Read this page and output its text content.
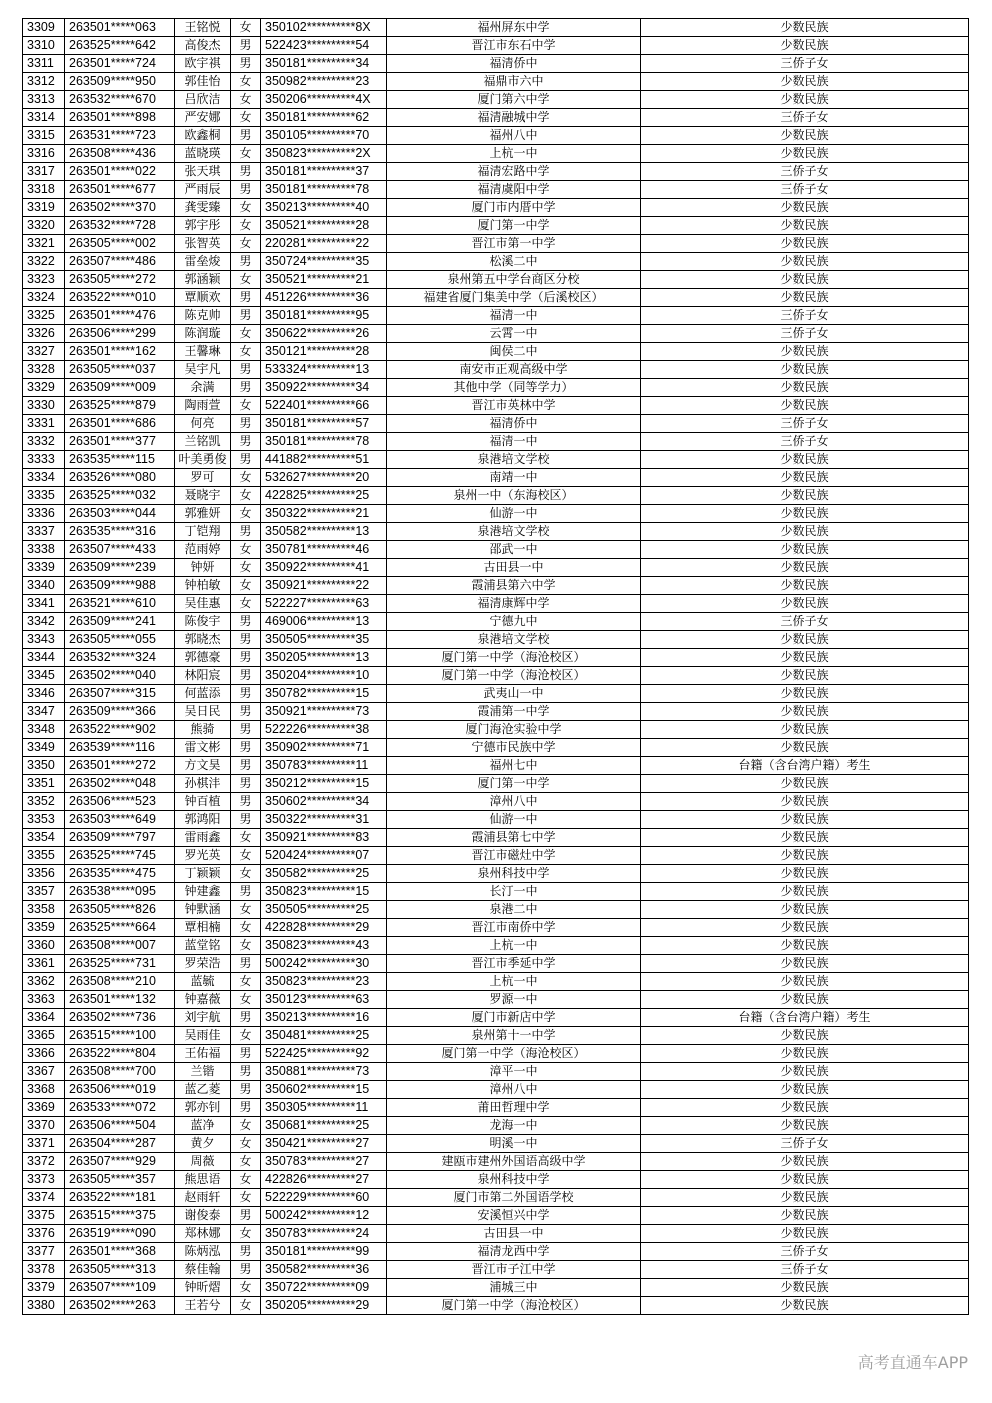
3309	263501*****063	王铭悦	女	350102**********8X	福州屏东中学	少数民族
3310	263525*****642	高俊杰	男	522423**********54	晋江市东石中学	少数民族
3311	263501*****724	欧宇祺	男	350181**********34	福清侨中	三侨子女
3312	263509*****950	郭佳怡	女	350982**********23	福鼎市六中	少数民族
3313	263532*****670	吕欣洁	女	350206**********4X	厦门第六中学	少数民族
3314	263501*****898	严安娜	女	350181**********62	福清融城中学	三侨子女
3315	263531*****723	欧鑫桐	男	350105**********70	福州八中	少数民族
3316	263508*****436	蓝晓瑛	女	350823**********2X	上杭一中	少数民族
3317	263501*****022	张天琪	男	350181**********37	福清宏路中学	三侨子女
3318	263501*****677	严雨辰	男	350181**********78	福清虞阳中学	三侨子女
3319	263502*****370	龚雯臻	女	350213**********40	厦门市内厝中学	少数民族
3320	263532*****728	郭宇彤	女	350521**********28	厦门第一中学	少数民族
3321	263505*****002	张智英	女	220281**********22	晋江市第一中学	少数民族
3322	263507*****486	雷垒焌	男	350724**********35	松溪二中	少数民族
3323	263505*****272	郭涵颖	女	350521**********21	泉州第五中学台商区分校	少数民族
3324	263522*****010	覃顺欢	男	451226**********36	福建省厦门集美中学（后溪校区）	少数民族
3325	263501*****476	陈克帅	男	350181**********95	福清一中	三侨子女
3326	263506*****299	陈润璇	女	350622**********26	云霄一中	三侨子女
3327	263501*****162	王馨琳	女	350121**********28	闽侯二中	少数民族
3328	263505*****037	吴宇凡	男	533324**********13	南安市正观高级中学	少数民族
3329	263509*****009	余满	男	350922**********34	其他中学（同等学力）	少数民族
3330	263525*****879	陶雨萱	女	522401**********66	晋江市英林中学	少数民族
3331	263501*****686	何亮	男	350181**********57	福清侨中	三侨子女
3332	263501*****377	兰铭凯	男	350181**********78	福清一中	三侨子女
3333	263535*****115	叶美勇俊	男	441882**********51	泉港培文学校	少数民族
3334	263526*****080	罗可	女	532627**********20	南靖一中	少数民族
3335	263525*****032	聂晓宇	女	422825**********25	泉州一中（东海校区）	少数民族
3336	263503*****044	郭雅妍	女	350322**********21	仙游一中	少数民族
3337	263535*****316	丁铠翔	男	350582**********13	泉港培文学校	少数民族
3338	263507*****433	范雨婷	女	350781**********46	邵武一中	少数民族
3339	263509*****239	钟妍	女	350922**********41	古田县一中	少数民族
3340	263509*****988	钟柏敏	女	350921**********22	霞浦县第六中学	少数民族
3341	263521*****610	吴佳惠	女	522227**********63	福清康辉中学	少数民族
3342	263509*****241	陈俊宇	男	469006**********13	宁德九中	三侨子女
3343	263505*****055	郭晓杰	男	350505**********35	泉港培文学校	少数民族
3344	263532*****324	郭德豪	男	350205**********13	厦门第一中学（海沧校区）	少数民族
3345	263502*****040	林阳宸	男	350204**********10	厦门第一中学（海沧校区）	少数民族
3346	263507*****315	何蓝添	男	350782**********15	武夷山一中	少数民族
3347	263509*****366	吴日民	男	350921**********73	霞浦第一中学	少数民族
3348	263522*****902	熊骑	男	522226**********38	厦门海沧实验中学	少数民族
3349	263539*****116	雷文彬	男	350902**********71	宁德市民族中学	少数民族
3350	263501*****272	方文昊	男	350783**********11	福州七中	台籍（含台湾户籍）考生
3351	263502*****048	孙棋沣	男	350212**********15	厦门第一中学	少数民族
3352	263506*****523	钟百植	男	350602**********34	漳州八中	少数民族
3353	263503*****649	郭鸿阳	男	350322**********31	仙游一中	少数民族
3354	263509*****797	雷雨鑫	女	350921**********83	霞浦县第七中学	少数民族
3355	263525*****745	罗光英	女	520424**********07	晋江市磁灶中学	少数民族
3356	263535*****475	丁颖颖	女	350582**********25	泉州科技中学	少数民族
3357	263538*****095	钟建鑫	男	350823**********15	长汀一中	少数民族
3358	263505*****826	钟默涵	女	350505**********25	泉港二中	少数民族
3359	263525*****664	覃相楠	女	422828**********29	晋江市南侨中学	少数民族
3360	263508*****007	蓝堂铭	女	350823**********43	上杭一中	少数民族
3361	263525*****731	罗荣浩	男	500242**********30	晋江市季延中学	少数民族
3362	263508*****210	蓝毓	女	350823**********23	上杭一中	少数民族
3363	263501*****132	钟嘉薇	女	350123**********63	罗源一中	少数民族
3364	263502*****736	刘宇航	男	350213**********16	厦门市新店中学	台籍（含台湾户籍）考生
3365	263515*****100	吴雨佳	女	350481**********25	泉州第十一中学	少数民族
3366	263522*****804	王佑福	男	522425**********92	厦门第一中学（海沧校区）	少数民族
3367	263508*****700	兰锴	男	350881**********73	漳平一中	少数民族
3368	263506*****019	蓝乙菱	男	350602**********15	漳州八中	少数民族
3369	263533*****072	郭亦钊	男	350305**********11	莆田哲理中学	少数民族
3370	263506*****504	蓝净	女	350681**********25	龙海一中	少数民族
3371	263504*****287	黄夕	女	350421**********27	明溪一中	三侨子女
3372	263507*****929	周薇	女	350783**********27	建瓯市建州外国语高级中学	少数民族
3373	263505*****357	熊思语	女	422826**********27	泉州科技中学	少数民族
3374	263522*****181	赵雨轩	女	522229**********60	厦门市第二外国语学校	少数民族
3375	263515*****375	谢俊泰	男	500242**********12	安溪恒兴中学	少数民族
3376	263519*****090	郑林娜	女	350783**********24	古田县一中	少数民族
3377	263501*****368	陈炳泓	男	350181**********99	福清龙西中学	三侨子女
3378	263505*****313	蔡佳翰	男	350582**********36	晋江市子江中学	三侨子女
3379	263507*****109	钟昕熠	女	350722**********09	浦城三中	少数民族
3380	263502*****263	王若兮	女	350205**********29	厦门第一中学（海沧校区）	少数民族
高考直通车APP
